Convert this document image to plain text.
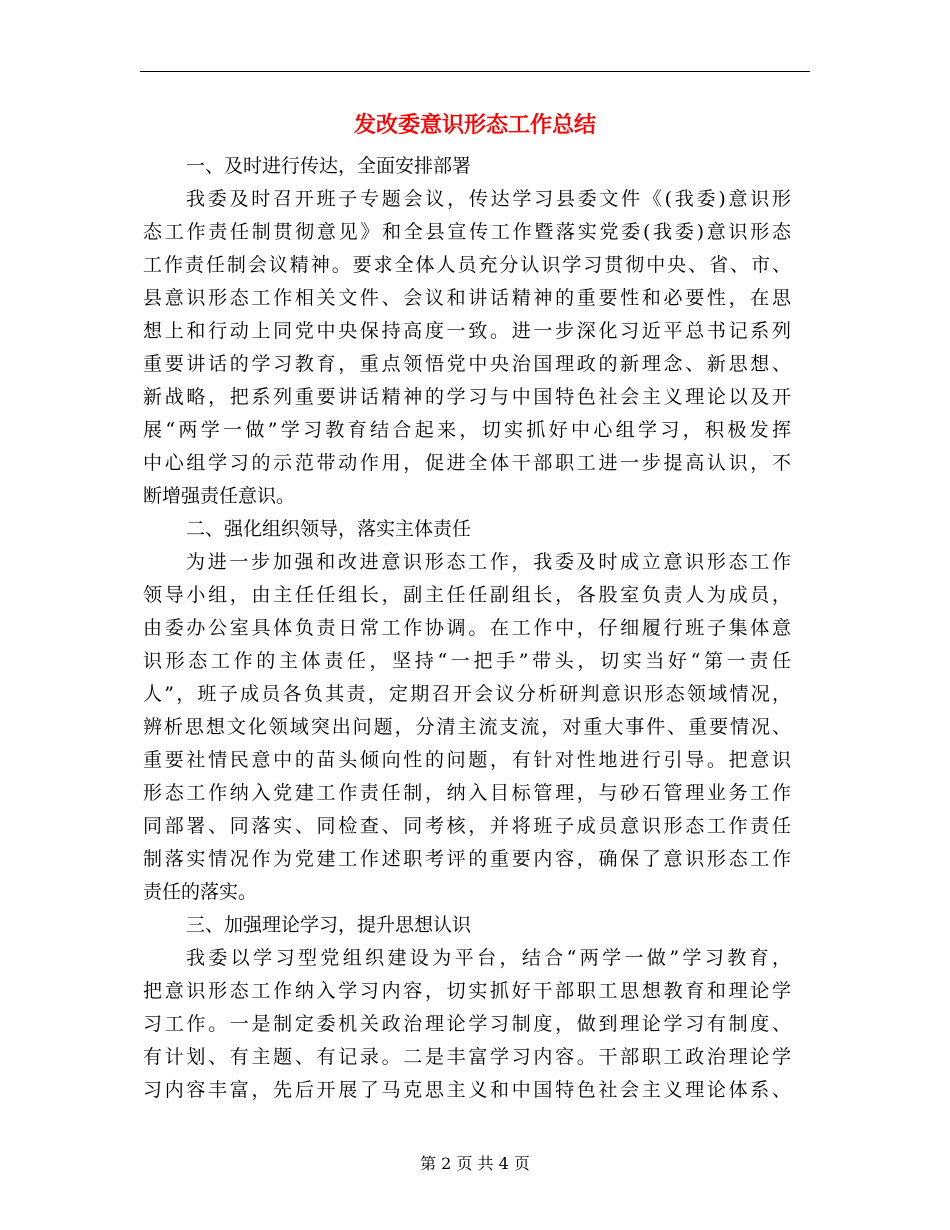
发改委意识形态工作总结

一、及时进行传达，全面安排部署

我委及时召开班子专题会议，传达学习县委文件《(我委)意识形

态工作责任制贯彻意见》和全县宣传工作暨落实党委(我委)意识形态

工作责任制会议精神。要求全体人员充分认识学习贯彻中央、省、市、

县意识形态工作相关文件、会议和讲话精神的重要性和必要性，在思

想上和行动上同党中央保持高度一致。进一步深化习近平总书记系列

重要讲话的学习教育，重点领悟党中央治国理政的新理念、新思想、

新战略，把系列重要讲话精神的学习与中国特色社会主义理论以及开

展“两学一做”学习教育结合起来，切实抓好中心组学习，积极发挥

中心组学习的示范带动作用，促进全体干部职工进一步提高认识，不

断增强责任意识。

二、强化组织领导，落实主体责任

为进一步加强和改进意识形态工作，我委及时成立意识形态工作

领导小组，由主任任组长，副主任任副组长，各股室负责人为成员，

由委办公室具体负责日常工作协调。在工作中，仔细履行班子集体意

识形态工作的主体责任，坚持“一把手”带头，切实当好“第一责任

人”，班子成员各负其责，定期召开会议分析研判意识形态领域情况，

辨析思想文化领域突出问题，分清主流支流，对重大事件、重要情况、

重要社情民意中的苗头倾向性的问题，有针对性地进行引导。把意识

形态工作纳入党建工作责任制，纳入目标管理，与砂石管理业务工作

同部署、同落实、同检查、同考核，并将班子成员意识形态工作责任

制落实情况作为党建工作述职考评的重要内容，确保了意识形态工作

责任的落实。

三、加强理论学习，提升思想认识

我委以学习型党组织建设为平台，结合“两学一做”学习教育，

把意识形态工作纳入学习内容，切实抓好干部职工思想教育和理论学

习工作。一是制定委机关政治理论学习制度，做到理论学习有制度、

有计划、有主题、有记录。二是丰富学习内容。干部职工政治理论学

习内容丰富，先后开展了马克思主义和中国特色社会主义理论体系、

第 2 页 共 4 页
